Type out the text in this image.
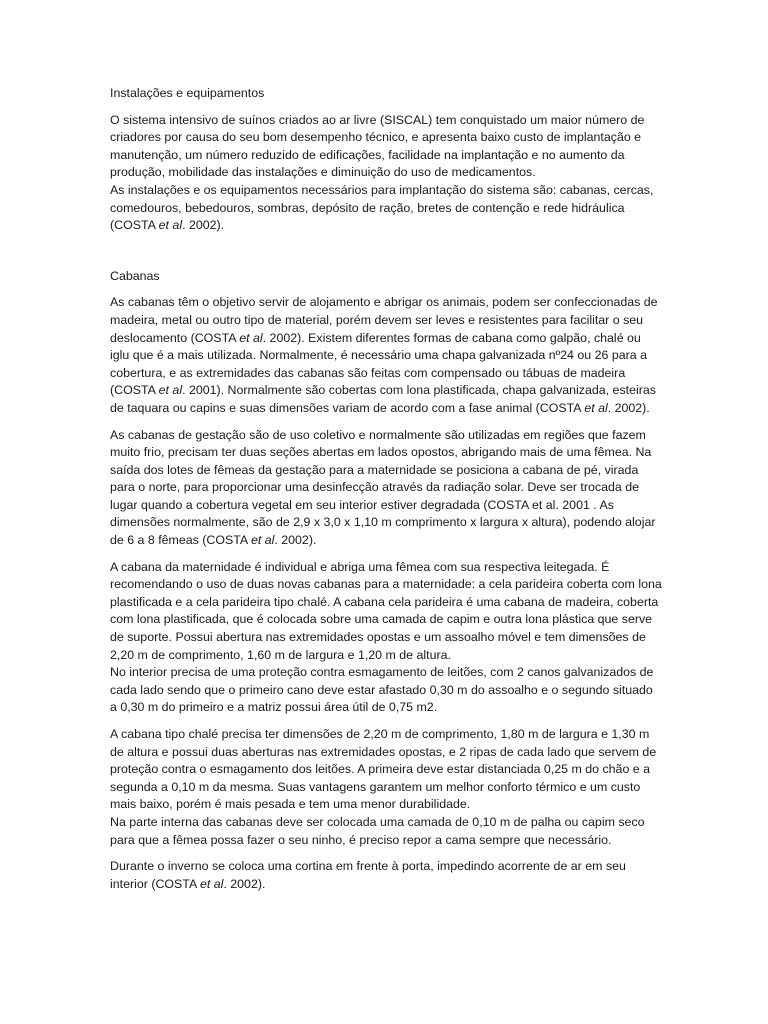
Instalações e equipamentos

O sistema intensivo de suínos criados ao ar livre (SISCAL) tem conquistado um maior número de criadores por causa do seu bom desempenho técnico, e apresenta baixo custo de implantação e manutenção, um número reduzido de edificações, facilidade na implantação e no aumento da produção, mobilidade das instalações e diminuição do uso de medicamentos.
As instalações e os equipamentos necessários para implantação do sistema são: cabanas, cercas, comedouros, bebedouros, sombras, depósito de ração, bretes de contenção e rede hidráulica (COSTA et al. 2002).

Cabanas

As cabanas têm o objetivo servir de alojamento e abrigar os animais, podem ser confeccionadas de madeira, metal ou outro tipo de material, porém devem ser leves e resistentes para facilitar o seu deslocamento (COSTA et al. 2002). Existem diferentes formas de cabana como galpão, chalé ou iglu que é a mais utilizada. Normalmente, é necessário uma chapa galvanizada nº24 ou 26 para a cobertura, e as extremidades das cabanas são feitas com compensado ou tábuas de madeira (COSTA et al. 2001). Normalmente são cobertas com lona plastificada, chapa galvanizada, esteiras de taquara ou capins e suas dimensões variam de acordo com a fase animal (COSTA et al. 2002).

As cabanas de gestação são de uso coletivo e normalmente são utilizadas em regiões que fazem muito frio, precisam ter duas seções abertas em lados opostos, abrigando mais de uma fêmea. Na saída dos lotes de fêmeas da gestação para a maternidade se posiciona a cabana de pé, virada para o norte, para proporcionar uma desinfecção através da radiação solar. Deve ser trocada de lugar quando a cobertura vegetal em seu interior estiver degradada (COSTA et al. 2001 . As dimensões normalmente, são de 2,9 x 3,0 x 1,10 m comprimento x largura x altura), podendo alojar de 6 a 8 fêmeas (COSTA et al. 2002).

A cabana da maternidade é individual e abriga uma fêmea com sua respectiva leitegada. É recomendando o uso de duas novas cabanas para a maternidade: a cela parideira coberta com lona plastificada e a cela parideira tipo chalé. A cabana cela parideira é uma cabana de madeira, coberta com lona plastificada, que é colocada sobre uma camada de capim e outra lona plástica que serve de suporte. Possui abertura nas extremidades opostas e um assoalho móvel e tem dimensões de 2,20 m de comprimento, 1,60 m de largura e 1,20 m de altura.
No interior precisa de uma proteção contra esmagamento de leitões, com 2 canos galvanizados de cada lado sendo que o primeiro cano deve estar afastado 0,30 m do assoalho e o segundo situado a 0,30 m do primeiro e a matriz possui área útil de 0,75 m2.

A cabana tipo chalé precisa ter dimensões de 2,20 m de comprimento, 1,80 m de largura e 1,30 m de altura e possui duas aberturas nas extremidades opostas, e 2 ripas de cada lado que servem de proteção contra o esmagamento dos leitões. A primeira deve estar distanciada 0,25 m do chão e a segunda a 0,10 m da mesma. Suas vantagens garantem um melhor conforto térmico e um custo mais baixo, porém é mais pesada e tem uma menor durabilidade.
Na parte interna das cabanas deve ser colocada uma camada de 0,10 m de palha ou capim seco para que a fêmea possa fazer o seu ninho, é preciso repor a cama sempre que necessário.

Durante o inverno se coloca uma cortina em frente à porta, impedindo acorrente de ar em seu interior (COSTA et al. 2002).
